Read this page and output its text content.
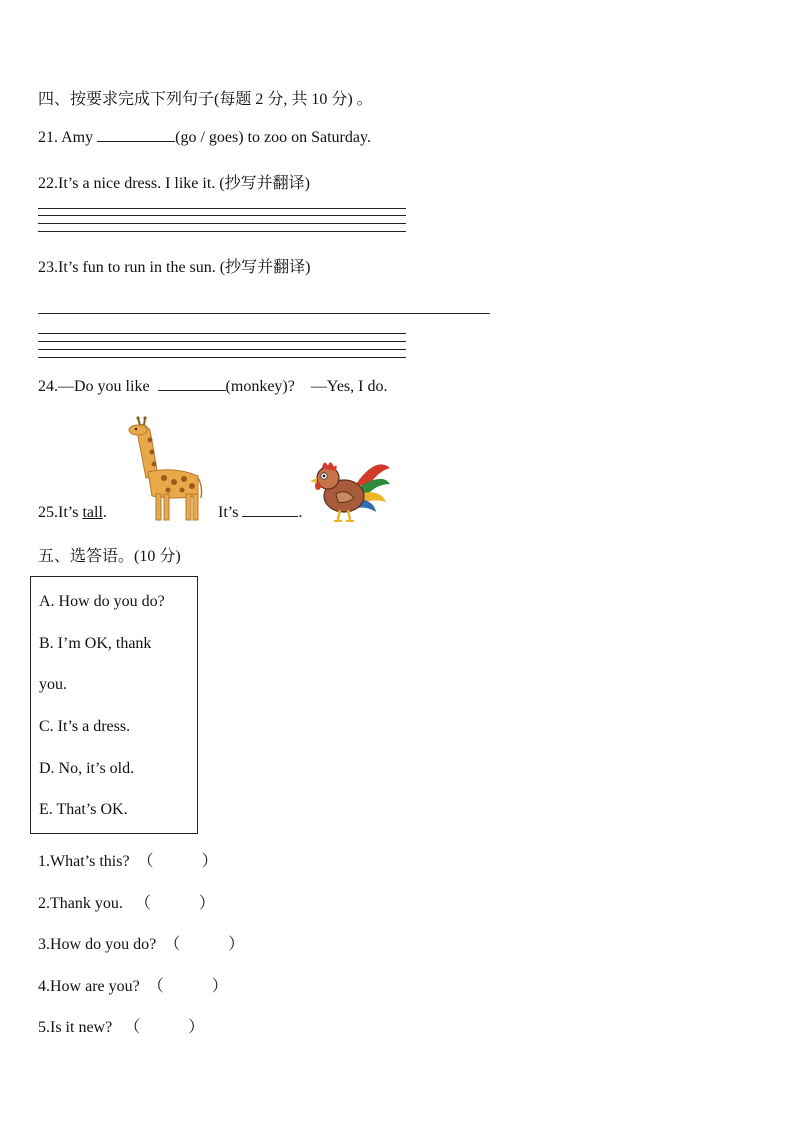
四、按要求完成下列句子(每题 2 分, 共 10 分) 。
21. Amy	(go / goes) to zoo on Saturday.
22.It’s a nice dress. I like it. (抄写并翻译)
23.It’s fun to run in the sun. (抄写并翻译)
24.—Do you like	(monkey)? —Yes, I do.
25.It’s tall.	It’s	.
五、选答语。(10 分)
A. How do you do?
B. I’m OK, thank
you.
C. It’s a dress.
D. No, it’s old.
E. That’s OK.
1.What’s this? （	）
2.Thank you. （	）
3.How do you do? （	）
4.How are you? （	）
5.Is it new? （	）
